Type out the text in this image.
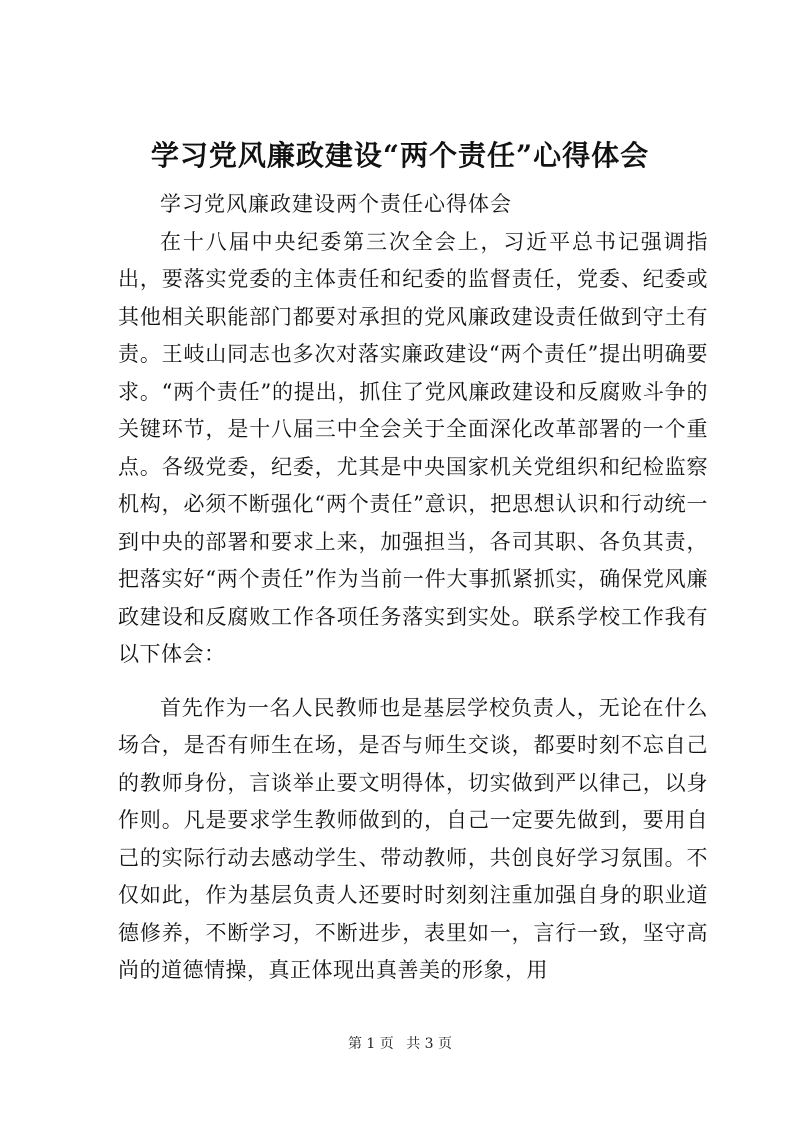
学习党风廉政建设“两个责任”心得体会

学习党风廉政建设两个责任心得体会

在十八届中央纪委第三次全会上，习近平总书记强调指出，要落实党委的主体责任和纪委的监督责任，党委、纪委或其他相关职能部门都要对承担的党风廉政建设责任做到守土有责。王岐山同志也多次对落实廉政建设“两个责任”提出明确要求。“两个责任”的提出，抓住了党风廉政建设和反腐败斗争的关键环节，是十八届三中全会关于全面深化改革部署的一个重点。各级党委，纪委，尤其是中央国家机关党组织和纪检监察机构，必须不断强化“两个责任”意识，把思想认识和行动统一到中央的部署和要求上来，加强担当，各司其职、各负其责，把落实好“两个责任”作为当前一件大事抓紧抓实，确保党风廉政建设和反腐败工作各项任务落实到实处。联系学校工作我有以下体会：

首先作为一名人民教师也是基层学校负责人，无论在什么场合，是否有师生在场，是否与师生交谈，都要时刻不忘自己的教师身份，言谈举止要文明得体，切实做到严以律己，以身作则。凡是要求学生教师做到的，自己一定要先做到，要用自己的实际行动去感动学生、带动教师，共创良好学习氛围。不仅如此，作为基层负责人还要时时刻刻注重加强自身的职业道德修养，不断学习，不断进步，表里如一，言行一致，坚守高尚的道德情操，真正体现出真善美的形象，用

第 1 页 共 3 页
